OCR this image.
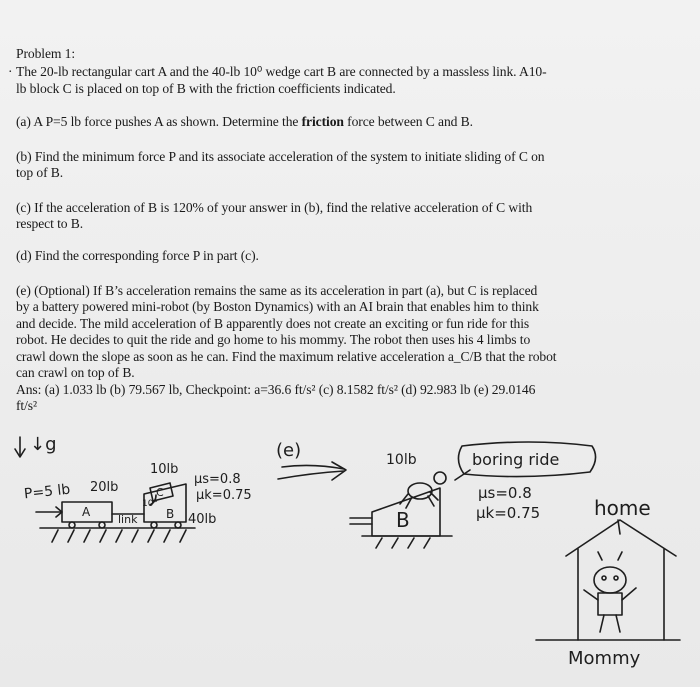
Problem 1:
· The 20-lb rectangular cart A and the 40-lb 10⁰ wedge cart B are connected by a massless link. A10-
lb block C is placed on top of B with the friction coefficients indicated.
(a) A P=5 lb force pushes A as shown. Determine the friction force between C and B.
(b) Find the minimum force P and its associate acceleration of the system to initiate sliding of C on
top of B.
(c) If the acceleration of B is 120% of your answer in (b), find the relative acceleration of C with
respect to B.
(d) Find the corresponding force P in part (c).
(e) (Optional) If B’s acceleration remains the same as its acceleration in part (a), but C is replaced
by a battery powered mini-robot (by Boston Dynamics) with an AI brain that enables him to think
and decide. The mild acceleration of B apparently does not create an exciting or fun ride for this
robot. He decides to quit the ride and go home to his mommy. The robot then uses his 4 limbs to
crawl down the slope as soon as he can. Find the maximum relative acceleration a_C/B that the robot
can crawl on top of B.
Ans: (a) 1.033 lb (b) 79.567 lb, Checkpoint: a=36.6 ft/s² (c) 8.1582 ft/s² (d) 92.983 lb (e) 29.0146
ft/s²
↓g
P=5 lb 20lb
10lb
10°
μs=0.8
μk=0.75
link	40lb
A	B
C
(e)	10lb	boring ride
μs=0.8
μk=0.75
B	home
Mommy
